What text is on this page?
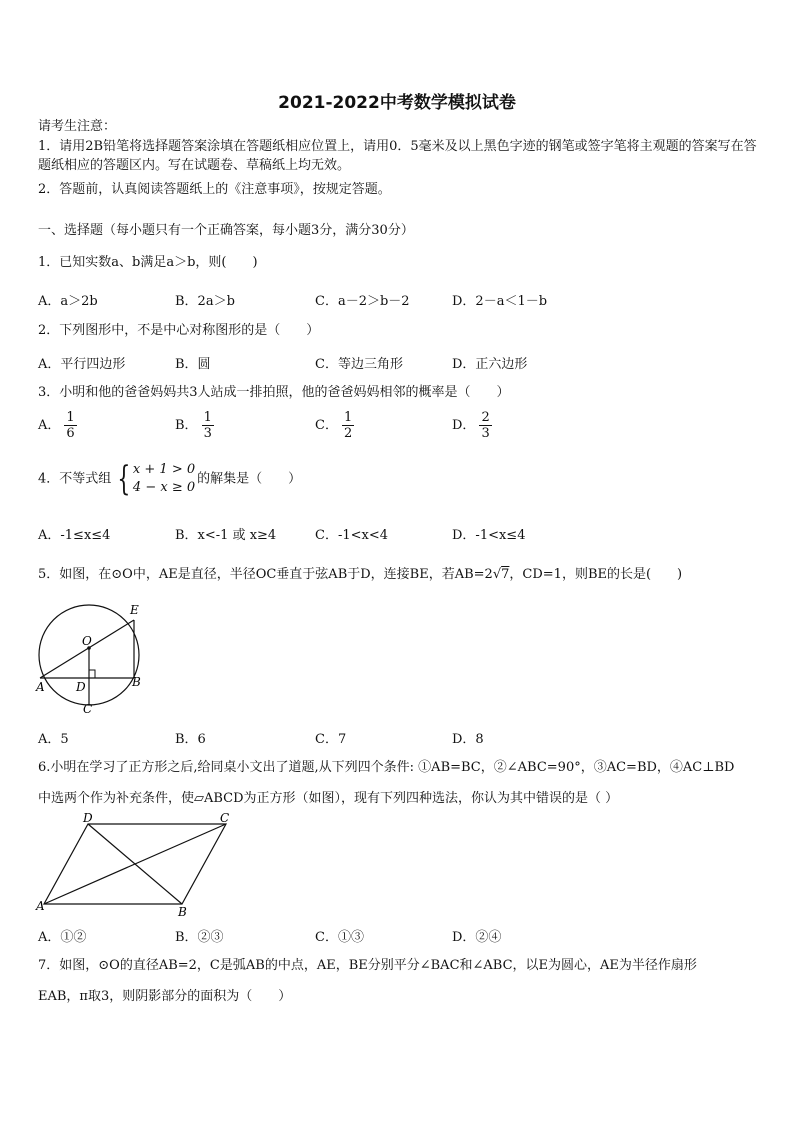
2021-2022中考数学模拟试卷
请考生注意：
1．请用2B铅笔将选择题答案涂填在答题纸相应位置上，请用0．5毫米及以上黑色字迹的钢笔或签字笔将主观题的答案写在答题纸相应的答题区内。写在试题卷、草稿纸上均无效。
2．答题前，认真阅读答题纸上的《注意事项》，按规定答题。
一、选择题（每小题只有一个正确答案，每小题3分，满分30分）
1．已知实数a、b满足a＞b，则(　　)
A．a＞2b	B．2a＞b	C．a－2＞b－2	D．2－a＜1－b
2．下列图形中，不是中心对称图形的是（　　）
A．平行四边形	B．圆	C．等边三角形	D．正六边形
3．小明和他的爸爸妈妈共3人站成一排拍照，他的爸爸妈妈相邻的概率是（　　）
A． $\frac{1}{6}$	B． $\frac{1}{3}$	C． $\frac{1}{2}$	D． $\frac{2}{3}$
4．不等式组 { x + 1 > 0
4 − x ≥ 0
的解集是（　　）
A．-1≤x≤4	B．x<-1 或 x≥4	C．-1<x<4	D．-1<x≤4
5．如图，在⊙O中，AE是直径，半径OC垂直于弦AB于D，连接BE，若AB=2√7，CD=1，则BE的长是(　　)
E
O
A	D	B
C
A．5	B．6	C．7	D．8
6.小明在学习了正方形之后,给同桌小文出了道题,从下列四个条件: ①AB=BC，②∠ABC=90°，③AC=BD，④AC⊥BD
中选两个作为补充条件，使▱ABCD为正方形（如图），现有下列四种选法，你认为其中错误的是（ ）
D	C
A	B
A．①②	B．②③	C．①③	D．②④
7．如图，⊙O的直径AB=2，C是弧AB的中点，AE，BE分别平分∠BAC和∠ABC，以E为圆心，AE为半径作扇形
EAB，π取3，则阴影部分的面积为（　　）
